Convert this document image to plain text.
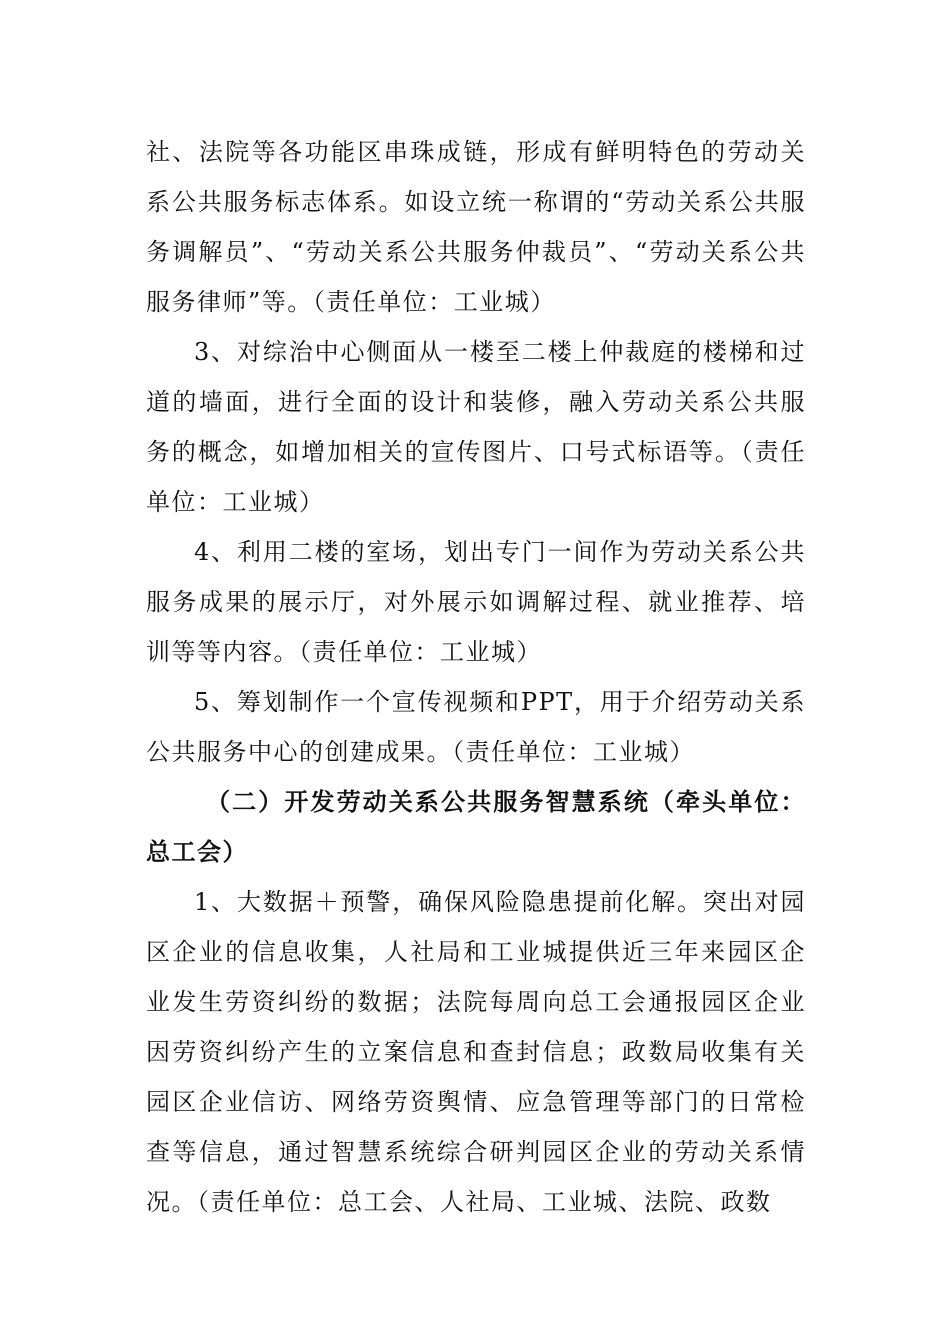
社、法院等各功能区串珠成链，形成有鲜明特色的劳动关系公共服务标志体系。如设立统一称谓的“劳动关系公共服务调解员”、“劳动关系公共服务仲裁员”、“劳动关系公共服务律师”等。（责任单位：工业城）

3、对综治中心侧面从一楼至二楼上仲裁庭的楼梯和过道的墙面，进行全面的设计和装修，融入劳动关系公共服务的概念，如增加相关的宣传图片、口号式标语等。（责任单位：工业城）

4、利用二楼的室场，划出专门一间作为劳动关系公共服务成果的展示厅，对外展示如调解过程、就业推荐、培训等等内容。（责任单位：工业城）

5、筹划制作一个宣传视频和PPT，用于介绍劳动关系公共服务中心的创建成果。（责任单位：工业城）

（二）开发劳动关系公共服务智慧系统（牵头单位：总工会）

1、大数据＋预警，确保风险隐患提前化解。突出对园区企业的信息收集，人社局和工业城提供近三年来园区企业发生劳资纠纷的数据；法院每周向总工会通报园区企业因劳资纠纷产生的立案信息和查封信息；政数局收集有关园区企业信访、网络劳资舆情、应急管理等部门的日常检查等信息，通过智慧系统综合研判园区企业的劳动关系情况。（责任单位：总工会、人社局、工业城、法院、政数
